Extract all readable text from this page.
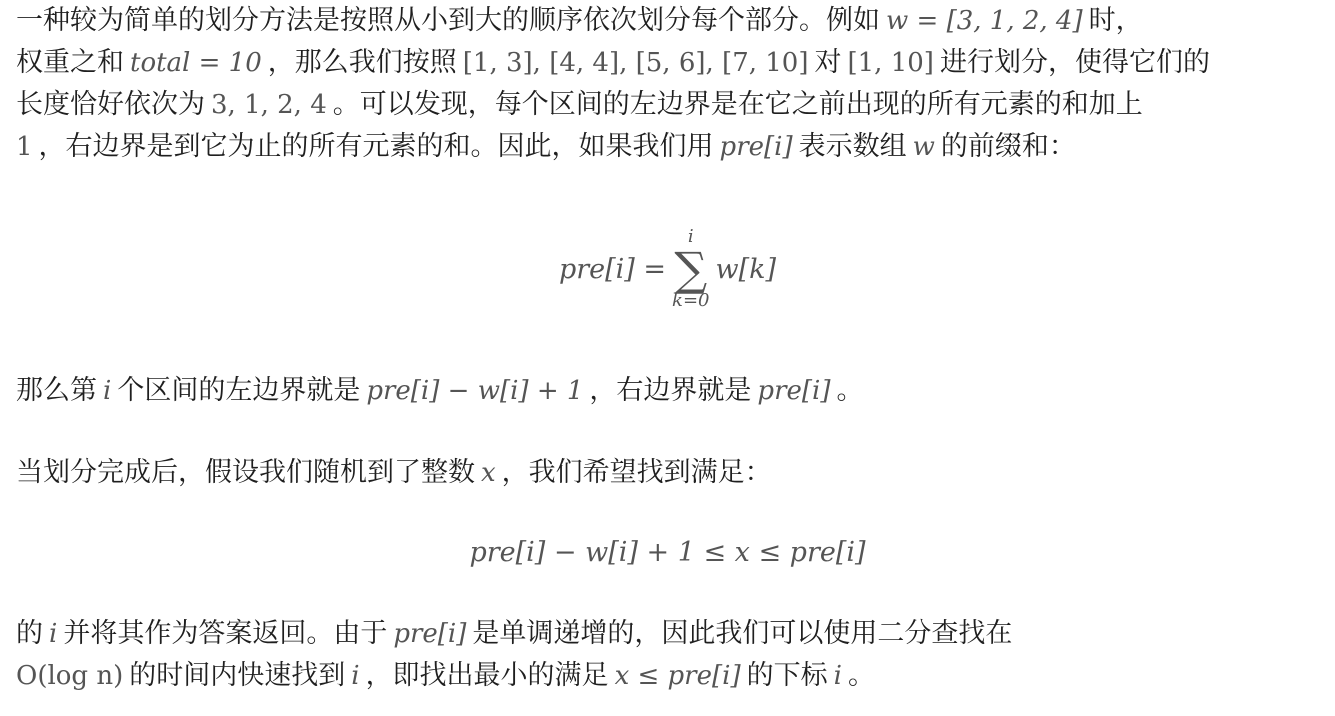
一种较为简单的划分方法是按照从小到大的顺序依次划分每个部分。例如 w = [3, 1, 2, 4] 时，
权重之和 total = 10 ，那么我们按照 [1, 3], [4, 4], [5, 6], [7, 10] 对 [1, 10] 进行划分，使得它们的
长度恰好依次为 3, 1, 2, 4 。可以发现，每个区间的左边界是在它之前出现的所有元素的和加上
1 ，右边界是到它为止的所有元素的和。因此，如果我们用 pre[i] 表示数组 w 的前缀和：
pre[i] =
i
∑
k=0
w[k]
那么第 i 个区间的左边界就是 pre[i] − w[i] + 1 ，右边界就是 pre[i] 。
当划分完成后，假设我们随机到了整数 x ，我们希望找到满足：
pre[i] − w[i] + 1 ≤ x ≤ pre[i]
的 i 并将其作为答案返回。由于 pre[i] 是单调递增的，因此我们可以使用二分查找在
O(log n) 的时间内快速找到 i ，即找出最小的满足 x ≤ pre[i] 的下标 i 。
